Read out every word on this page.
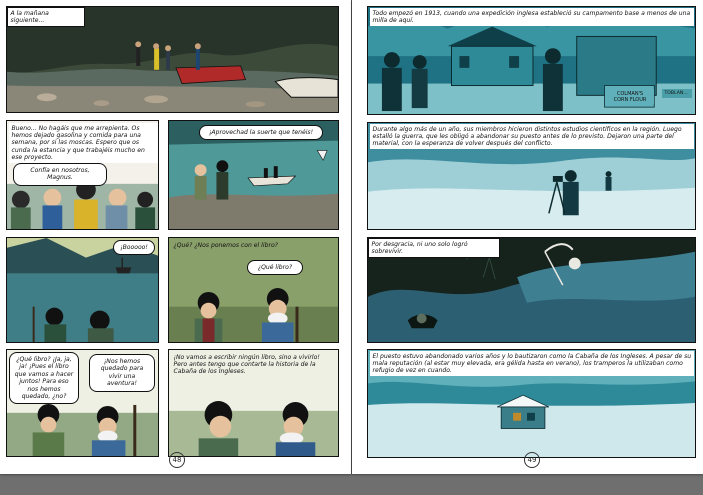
A la mañana siguiente...
Bueno... No hagáis que me arrepienta. Os hemos dejado gasolina y comida para una semana, por si las moscas. Espero que os cunda la estancia y que trabajéis mucho en ese proyecto.
Confía en nosotros, Magnus.
¡Aprovechad la suerte que tenéis!
¡Booooo!	¿Qué? ¿Nos ponemos con el libro?
¿Qué libro?
¿Qué libro? ¡Ja, ja, ja! ¡Pues el libro que vamos a hacer juntos! Para eso nos hemos quedado, ¿no?
¡Nos hemos quedado para vivir una aventura!
¡No vamos a escribir ningún libro, sino a vivirlo! Pero antes tengo que contarte la historia de la Cabaña de los Ingleses.
48
Todo empezó en 1913, cuando una expedición inglesa estableció su campamento base a menos de una milla de aquí.
COLMAN'S
CORN FLOUR
TOBLAN...
Durante algo más de un año, sus miembros hicieron distintos estudios científicos en la región. Luego estalló la guerra, que les obligó a abandonar su puesto antes de lo previsto. Dejaron una parte del material, con la esperanza de volver después del conflicto.
Por desgracia, ni uno solo logró sobrevivir.
El puesto estuvo abandonado varios años y lo bautizaron como la Cabaña de los Ingleses. A pesar de su mala reputación (al estar muy elevada, era gélida hasta en verano), los tramperos la utilizaban como refugio de vez en cuando.
49
